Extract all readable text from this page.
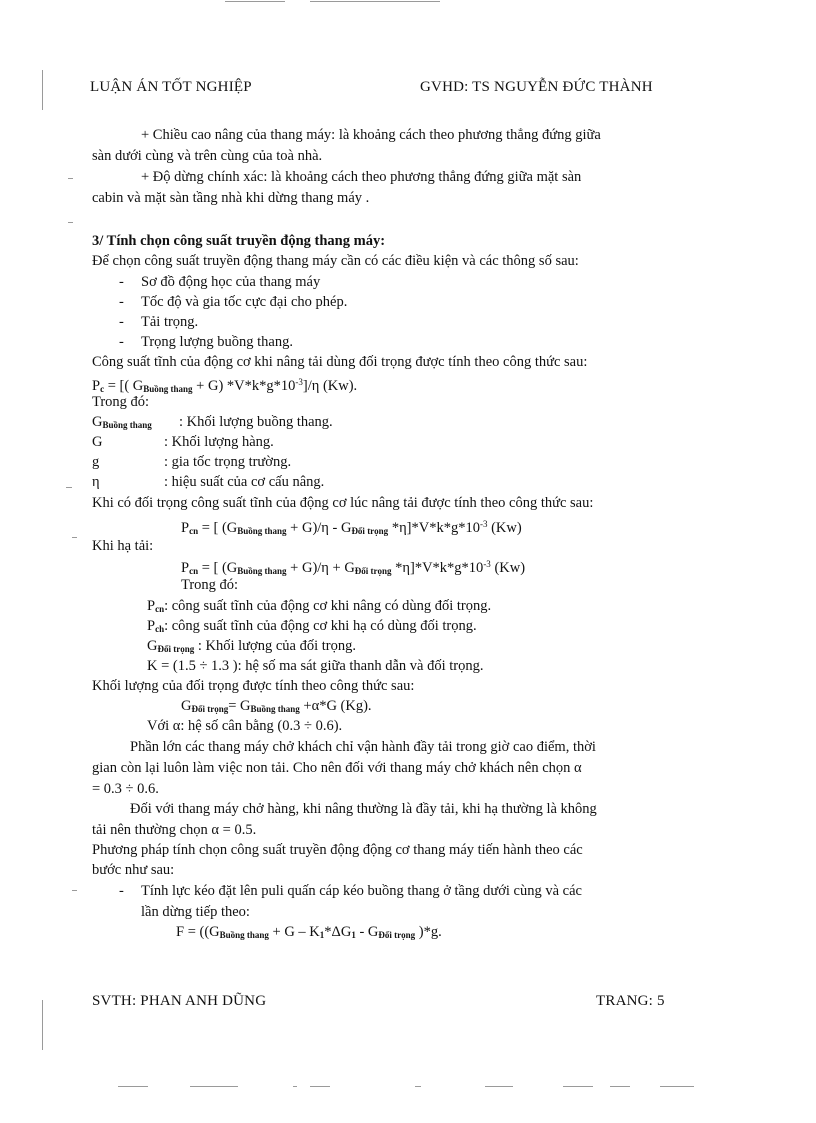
LUẬN ÁN TỐT NGHIỆP	GVHD: TS NGUYỄN ĐỨC THÀNH
+ Chiều cao nâng của thang máy: là khoảng cách theo phương thẳng đứng giữa
sàn dưới cùng và trên cùng của toà nhà.
+ Độ dừng chính xác: là khoảng cách theo phương thẳng đứng giữa mặt sàn
cabin và mặt sàn tầng nhà khi dừng thang máy .
3/ Tính chọn công suất truyền động thang máy:
Để chọn công suất truyền động thang máy cần có các điều kiện và các thông số sau:
- Sơ đồ động học của thang máy
- Tốc độ và gia tốc cực đại cho phép.
- Tải trọng.
- Trọng lượng buồng thang.
Công suất tĩnh của động cơ khi nâng tải dùng đối trọng được tính theo công thức sau:
$P_c$ = [( $G_{Buồng thang} + G$) $*V*k*g*10^{-3}]/\eta$ (Kw).
Trong đó:
$G_{Buồng thang}$ : Khối lượng buồng thang.
G	: Khối lượng hàng.
g	: gia tốc trọng trường.
η	: hiệu suất của cơ cấu nâng.
Khi có đối trọng công suất tĩnh của động cơ lúc nâng tải được tính theo công thức sau:
$P_{cn}$ = [ $(G_{Buồng thang} + G)/\eta - G_{Đối trọng}$ $*\eta]*V*k*g*10^{-3}$ (Kw)
Khi hạ tải:
$P_{cn}$ = [ $(G_{Buồng thang} + G)/\eta + G_{Đối trọng}$ $*\eta]*V*k*g*10^{-3}$ (Kw)
Trong đó:
$P_{cn}$: công suất tĩnh của động cơ khi nâng có dùng đối trọng.
$P_{ch}$: công suất tĩnh của động cơ khi hạ có dùng đối trọng.
$G_{Đối trọng}$ : Khối lượng của đối trọng.
K = (1.5 ÷ 1.3 ): hệ số ma sát giữa thanh dẫn và đối trọng.
Khối lượng của đối trọng được tính theo công thức sau:
$G_{Đối trọng}= G_{Buồng thang} +\alpha*G$ (Kg).
Với α: hệ số cân bằng (0.3 ÷ 0.6).
Phần lớn các thang máy chở khách chỉ vận hành đầy tải trong giờ cao điểm, thời
gian còn lại luôn làm việc non tải. Cho nên đối với thang máy chở khách nên chọn α
= 0.3 ÷ 0.6.
Đối với thang máy chở hàng, khi nâng thường là đầy tải, khi hạ thường là không
tải nên thường chọn α = 0.5.
Phương pháp tính chọn công suất truyền động động cơ thang máy tiến hành theo các
bước như sau:
- Tính lực kéo đặt lên puli quấn cáp kéo buồng thang ở tầng dưới cùng và các
lần dừng tiếp theo:
$F = ((G_{Buồng thang} + G - K_1*\Delta G_1 - G_{Đối trọng}$ )*g.
SVTH: PHAN ANH DŨNG	TRANG: 5
